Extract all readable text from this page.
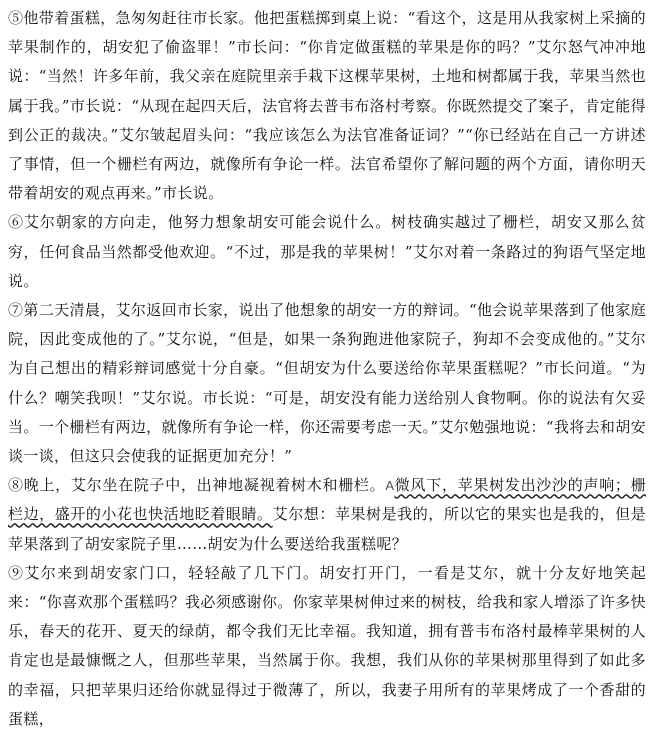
⑤他带着蛋糕，急匆匆赶往市长家。他把蛋糕掷到桌上说：“看这个，这是用从我家树上采摘的苹果制作的，胡安犯了偷盗罪！”市长问：“你肯定做蛋糕的苹果是你的吗？”艾尔怒气冲冲地说：“当然！许多年前，我父亲在庭院里亲手栽下这棵苹果树，土地和树都属于我，苹果当然也属于我。”市长说：“从现在起四天后，法官将去普韦布洛村考察。你既然提交了案子，肯定能得到公正的裁决。”艾尔皱起眉头问：“我应该怎么为法官准备证词？”“你已经站在自己一方讲述了事情，但一个栅栏有两边，就像所有争论一样。法官希望你了解问题的两个方面，请你明天带着胡安的观点再来。”市长说。

⑥艾尔朝家的方向走，他努力想象胡安可能会说什么。树枝确实越过了栅栏，胡安又那么贫穷，任何食品当然都受他欢迎。“不过，那是我的苹果树！”艾尔对着一条路过的狗语气坚定地说。

⑦第二天清晨，艾尔返回市长家，说出了他想象的胡安一方的辩词。“他会说苹果落到了他家庭院，因此变成他的了。”艾尔说，“但是，如果一条狗跑进他家院子，狗却不会变成他的。”艾尔为自己想出的精彩辩词感觉十分自豪。“但胡安为什么要送给你苹果蛋糕呢？”市长问道。“为什么？嘲笑我呗！”艾尔说。市长说：“可是，胡安没有能力送给别人食物啊。你的说法有欠妥当。一个栅栏有两边，就像所有争论一样，你还需要考虑一天。”艾尔勉强地说：“我将去和胡安谈一谈，但这只会使我的证据更加充分！”

⑧晚上，艾尔坐在院子中，出神地凝视着树木和栅栏。A微风下，苹果树发出沙沙的声响；栅栏边，盛开的小花也快活地眨着眼睛。艾尔想：苹果树是我的，所以它的果实也是我的，但是苹果落到了胡安家院子里……胡安为什么要送给我蛋糕呢？

⑨艾尔来到胡安家门口，轻轻敲了几下门。胡安打开门，一看是艾尔，就十分友好地笑起来：“你喜欢那个蛋糕吗？我必须感谢你。你家苹果树伸过来的树枝，给我和家人增添了许多快乐，春天的花开、夏天的绿荫，都令我们无比幸福。我知道，拥有普韦布洛村最棒苹果树的人肯定也是最慷慨之人，但那些苹果，当然属于你。我想，我们从你的苹果树那里得到了如此多的幸福，只把苹果归还给你就显得过于微薄了，所以，我妻子用所有的苹果烤成了一个香甜的蛋糕，
